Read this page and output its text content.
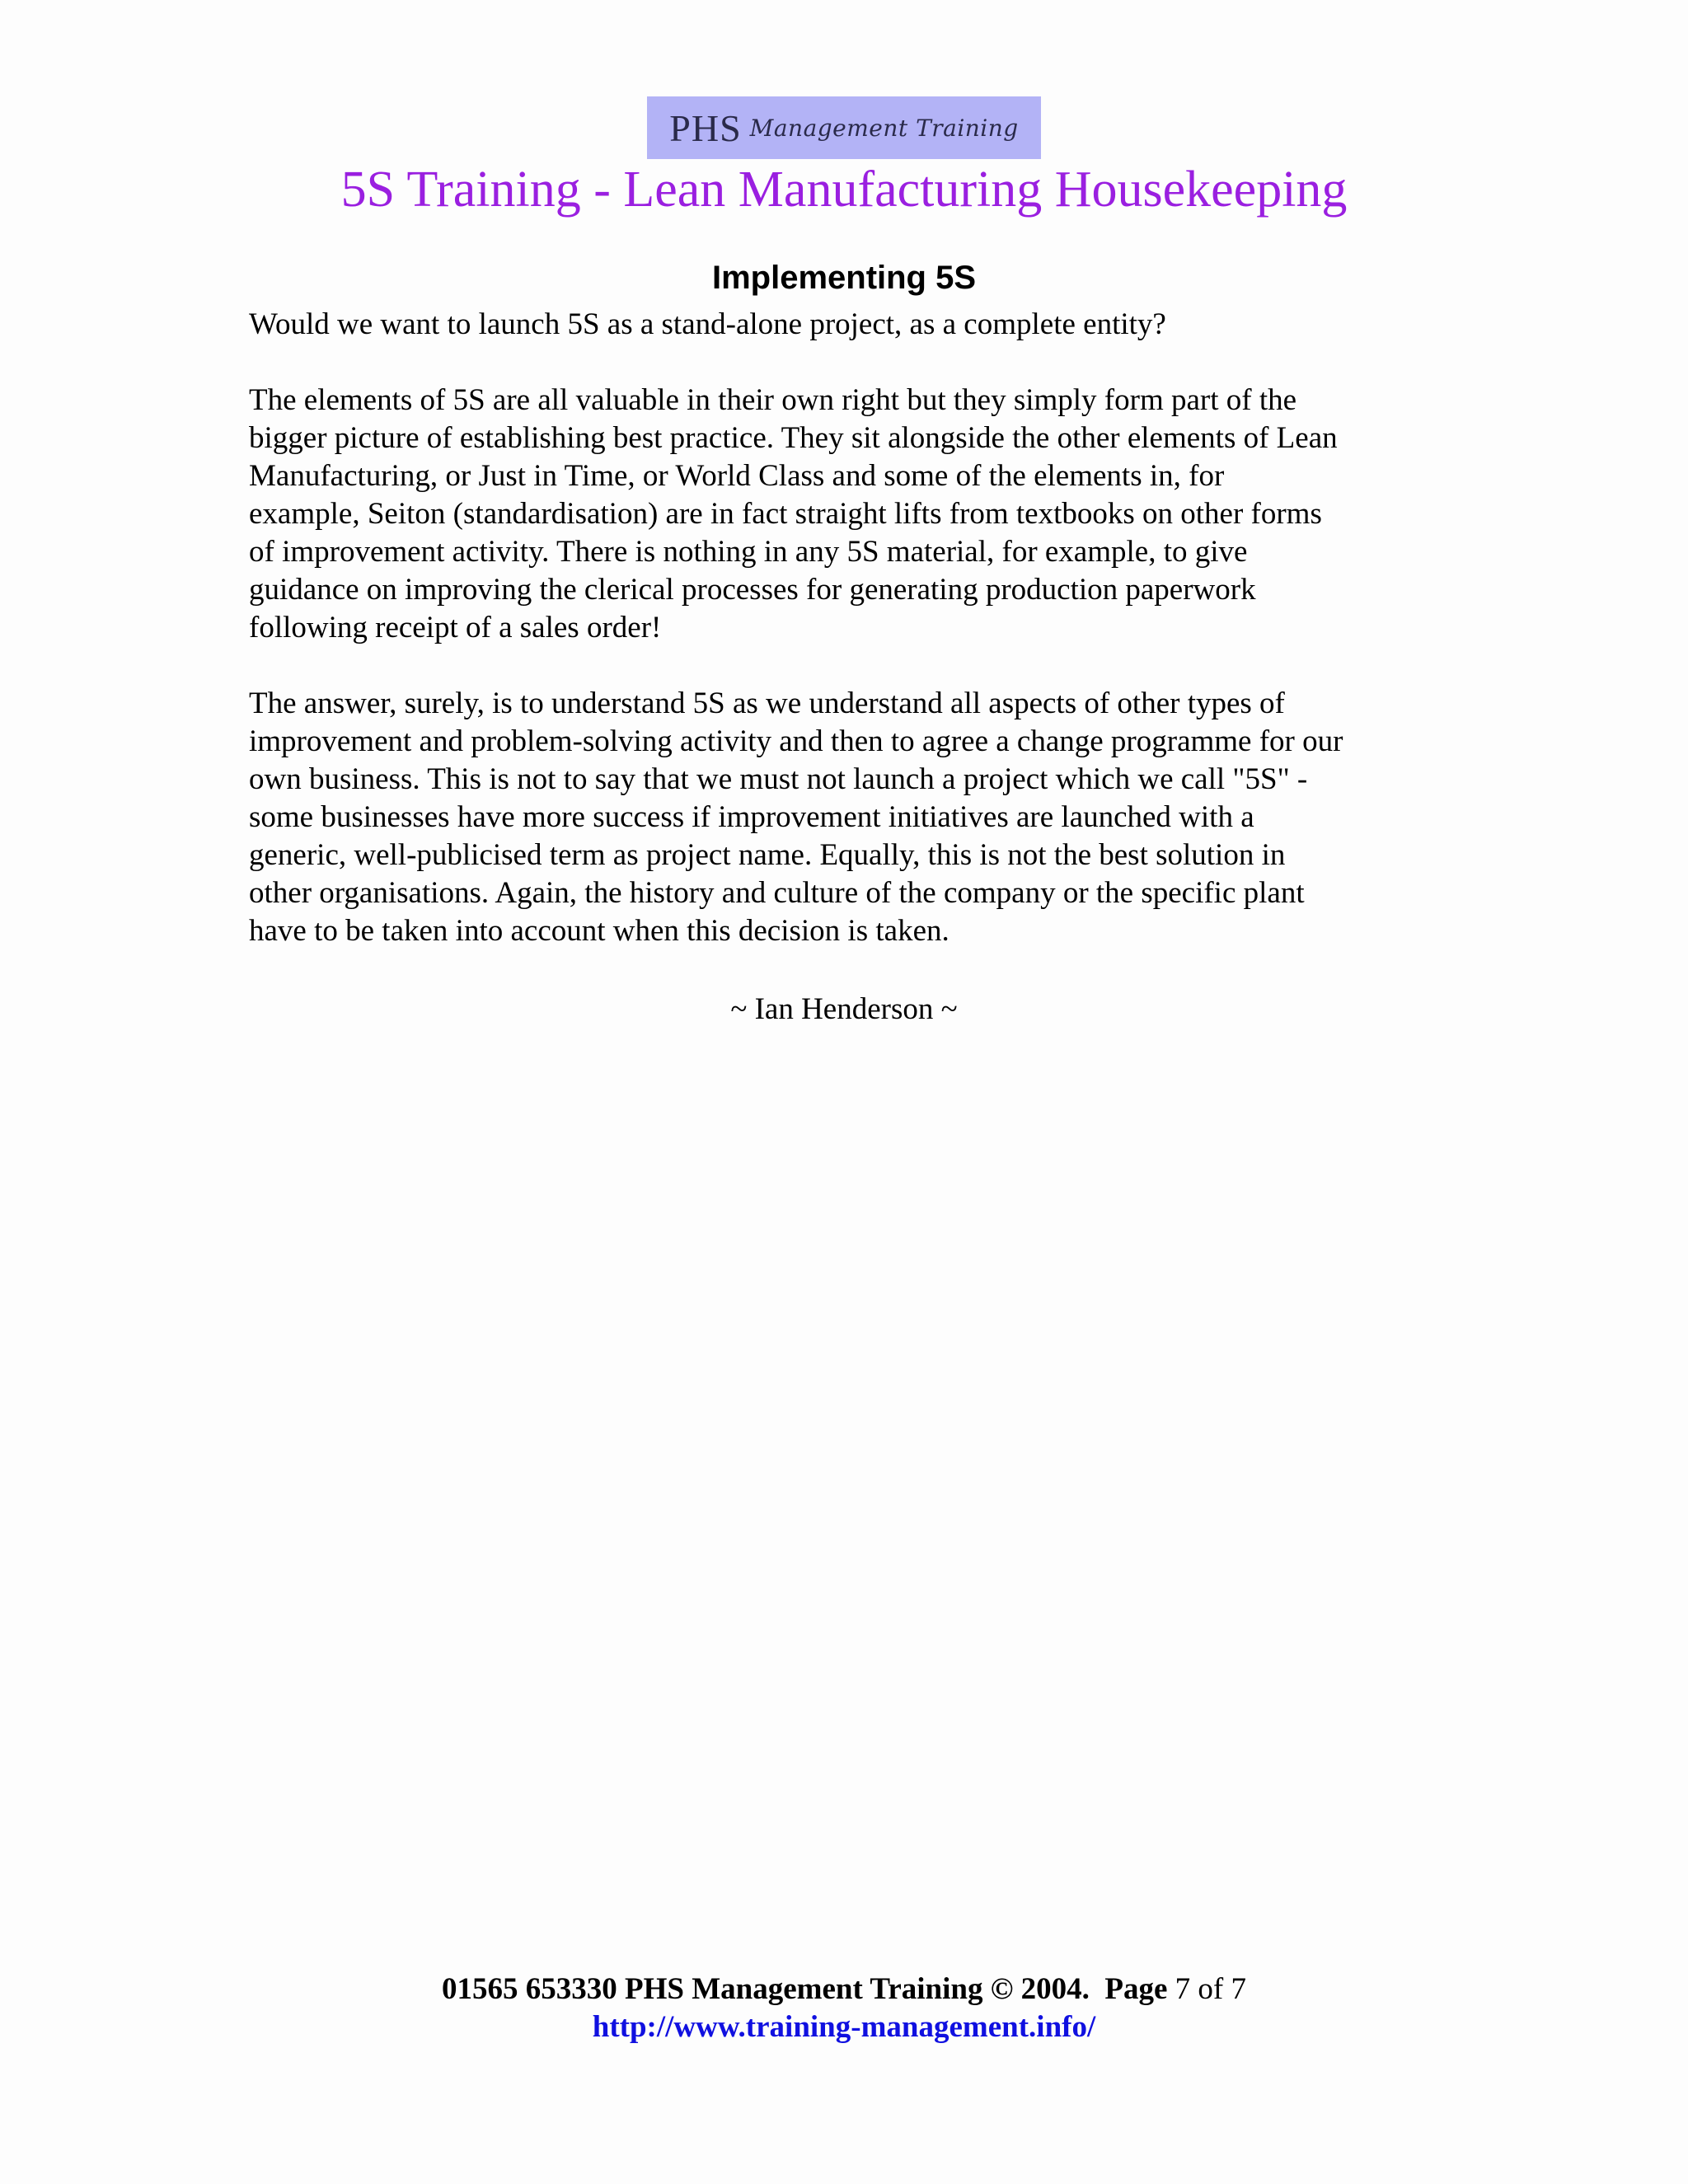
PHS Management Training
5S Training - Lean Manufacturing Housekeeping
Implementing 5S

Would we want to launch 5S as a stand-alone project, as a complete entity?

The elements of 5S are all valuable in their own right but they simply form part of the
bigger picture of establishing best practice. They sit alongside the other elements of Lean
Manufacturing, or Just in Time, or World Class and some of the elements in, for
example, Seiton (standardisation) are in fact straight lifts from textbooks on other forms
of improvement activity. There is nothing in any 5S material, for example, to give
guidance on improving the clerical processes for generating production paperwork
following receipt of a sales order!

The answer, surely, is to understand 5S as we understand all aspects of other types of
improvement and problem-solving activity and then to agree a change programme for our
own business. This is not to say that we must not launch a project which we call "5S" -
some businesses have more success if improvement initiatives are launched with a
generic, well-publicised term as project name. Equally, this is not the best solution in
other organisations. Again, the history and culture of the company or the specific plant
have to be taken into account when this decision is taken.

~ Ian Henderson ~
01565 653330 PHS Management Training © 2004. Page 7 of 7
http://www.training-management.info/
